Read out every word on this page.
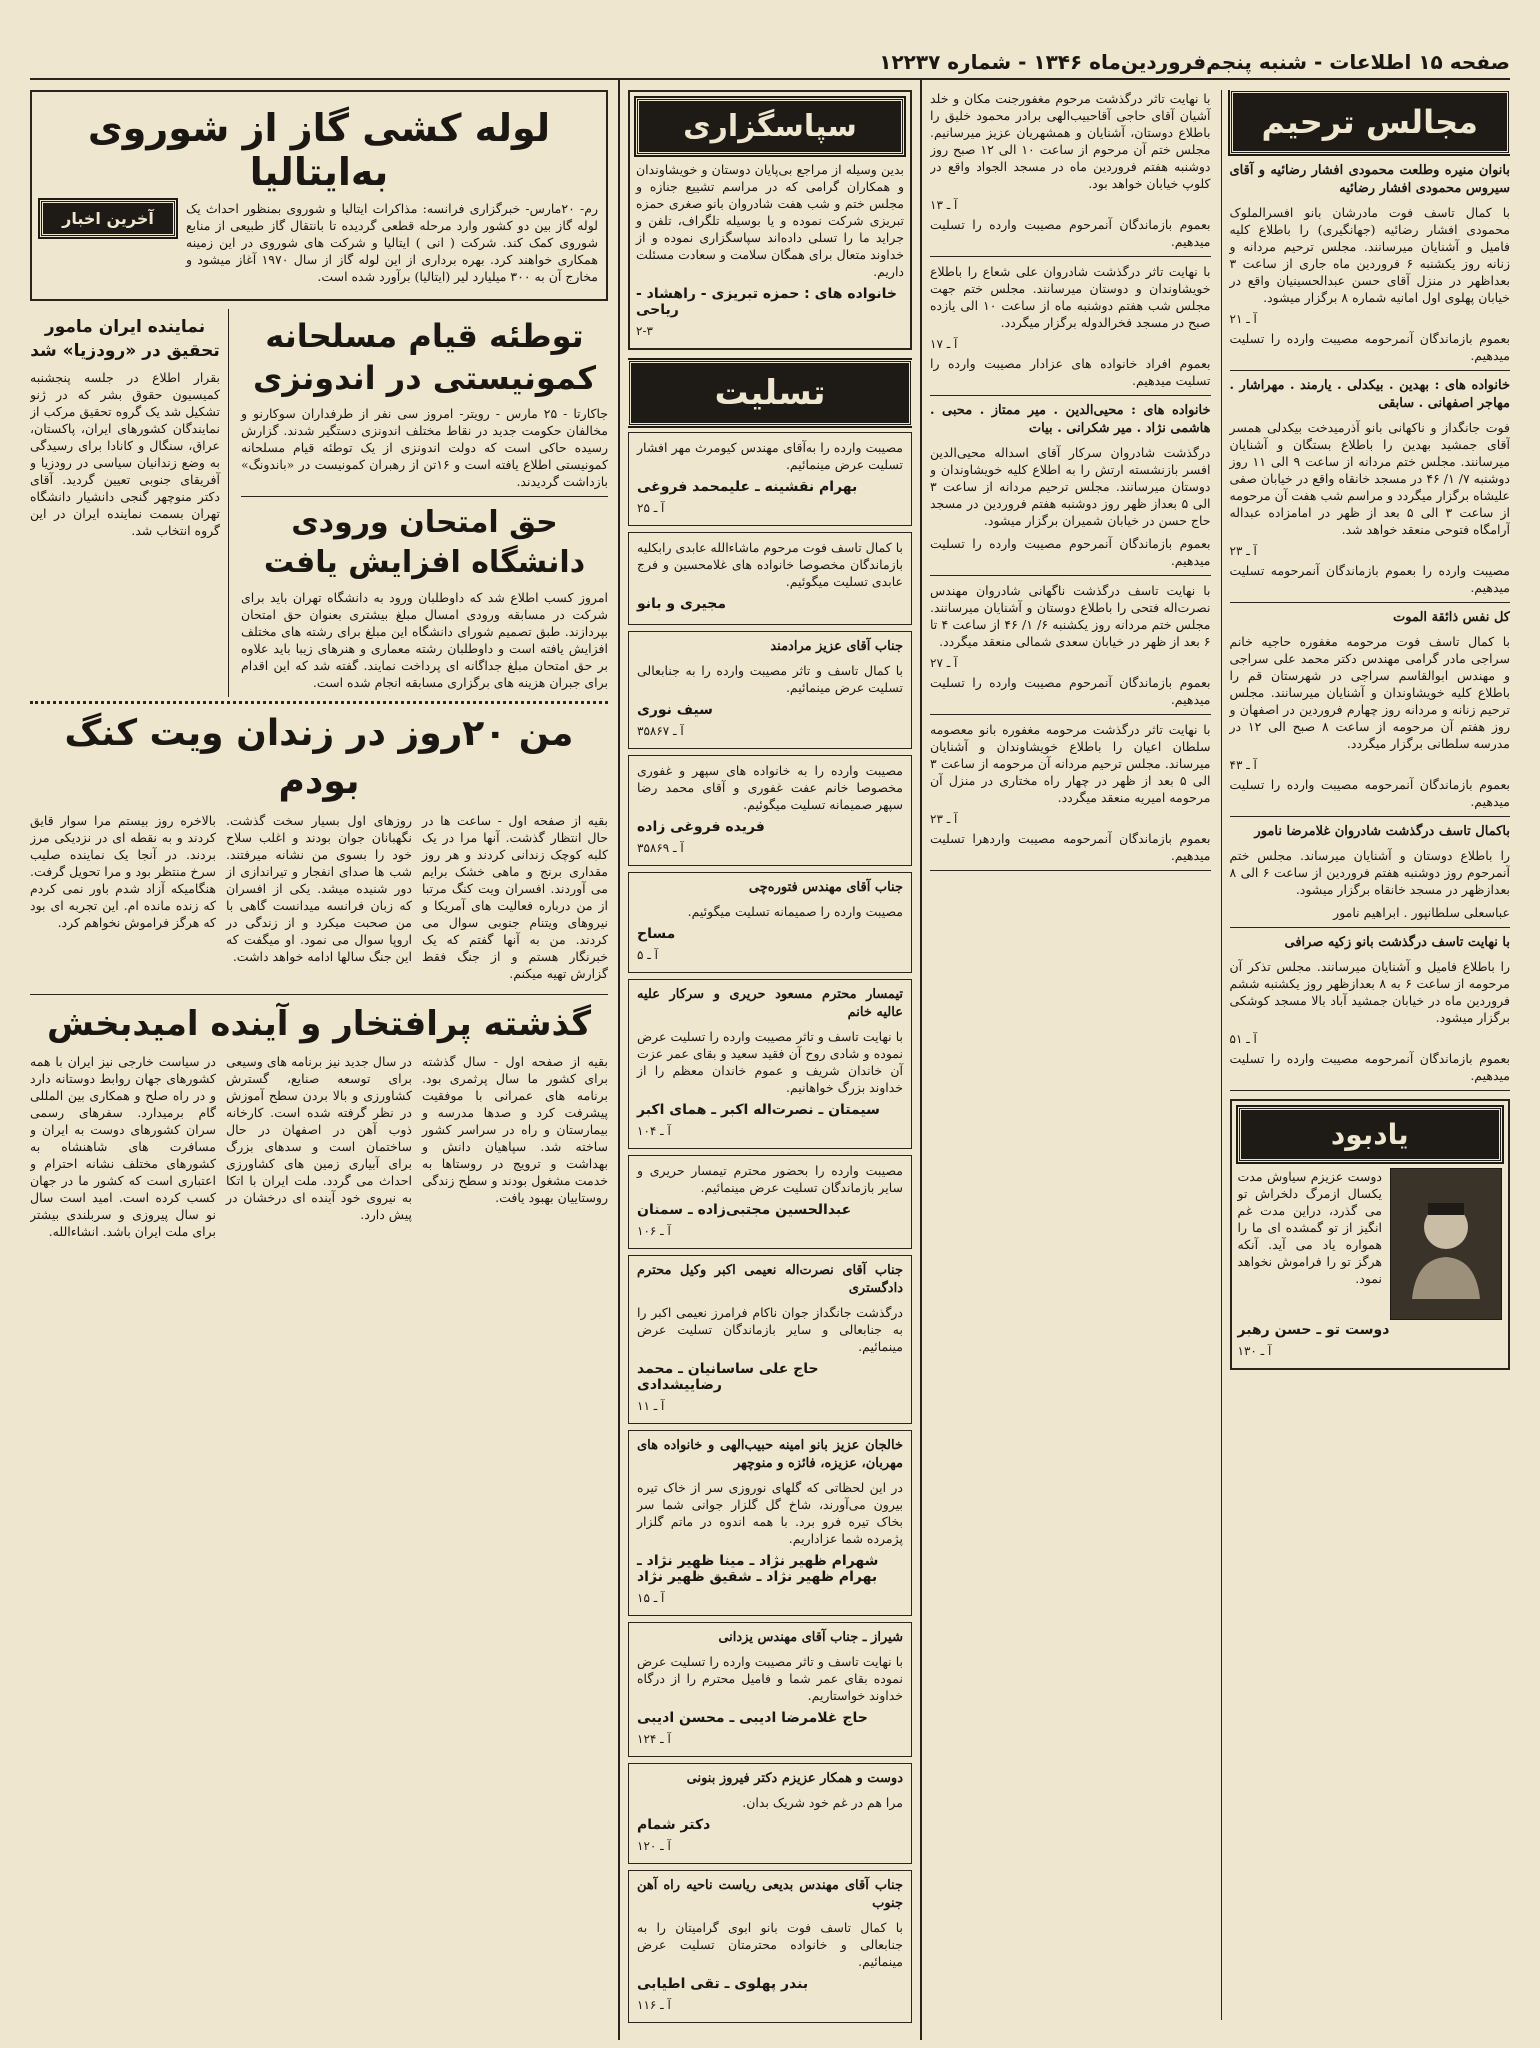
صفحه ۱۵ اطلاعات - شنبه پنجم‌فروردین‌ماه ۱۳۴۶ - شماره ۱۲۲۳۷
لوله کشی گاز از شوروی به‌ایتالیا

رم- ۲۰مارس- خبرگزاری فرانسه: مذاکرات ایتالیا و شوروی بمنظور احداث یک لوله گاز بین دو کشور وارد مرحله قطعی گردیده تا بانتقال گاز طبیعی از منابع شوروی کمک کند. شرکت ( انی ) ایتالیا و شرکت های شوروی در این زمینه همکاری خواهند کرد. بهره برداری از این لوله گاز از سال ۱۹۷۰ آغاز میشود و مخارج آن به ۳۰۰ میلیارد لیر (ایتالیا) برآورد شده است.

آخرین اخبار
توطئه قیام مسلحانه کمونیستی در اندونزی

جاکارتا - ۲۵ مارس - رویتر- امروز سی نفر از طرفداران سوکارنو و مخالفان حکومت جدید در نقاط مختلف اندونزی دستگیر شدند. گزارش رسیده حاکی است که دولت اندونزی از یک توطئه قیام مسلحانه کمونیستی اطلاع یافته است و ۱۶تن از رهبران کمونیست در «باندونگ» بازداشت گردیدند.

حق امتحان ورودی دانشگاه افزایش یافت

امروز کسب اطلاع شد که داوطلبان ورود به دانشگاه تهران باید برای شرکت در مسابقه ورودی امسال مبلغ بیشتری بعنوان حق امتحان بپردازند. طبق تصمیم شورای دانشگاه این مبلغ برای رشته های مختلف افزایش یافته است و داوطلبان رشته معماری و هنرهای زیبا باید علاوه بر حق امتحان مبلغ جداگانه ای پرداخت نمایند. گفته شد که این اقدام برای جبران هزینه های برگزاری مسابقه انجام شده است.

نماینده ایران مامور تحقیق در «رودزیا» شد

بقرار اطلاع در جلسه پنجشنبه کمیسیون حقوق بشر که در ژنو تشکیل شد یک گروه تحقیق مرکب از نمایندگان کشورهای ایران، پاکستان، عراق، سنگال و کانادا برای رسیدگی به وضع زندانیان سیاسی در رودزیا و آفریقای جنوبی تعیین گردید. آقای دکتر منوچهر گنجی دانشیار دانشگاه تهران بسمت نماینده ایران در این گروه انتخاب شد.

من ۲۰روز در زندان ویت کنگ بودم

بقیه از صفحه اول - ساعت ها در حال انتظار گذشت. آنها مرا در یک کلبه کوچک زندانی کردند و هر روز مقداری برنج و ماهی خشک برایم می آوردند. افسران ویت کنگ مرتبا از من درباره فعالیت های آمریکا و نیروهای ویتنام جنوبی سوال می کردند. من به آنها گفتم که یک خبرنگار هستم و از جنگ فقط گزارش تهیه میکنم.

روزهای اول بسیار سخت گذشت. نگهبانان جوان بودند و اغلب سلاح خود را بسوی من نشانه میرفتند. شب ها صدای انفجار و تیراندازی از دور شنیده میشد. یکی از افسران که زبان فرانسه میدانست گاهی با من صحبت میکرد و از زندگی در اروپا سوال می نمود. او میگفت که این جنگ سالها ادامه خواهد داشت.

بالاخره روز بیستم مرا سوار قایق کردند و به نقطه ای در نزدیکی مرز بردند. در آنجا یک نماینده صلیب سرخ منتظر بود و مرا تحویل گرفت. هنگامیکه آزاد شدم باور نمی کردم که زنده مانده ام. این تجربه ای بود که هرگز فراموش نخواهم کرد.

گذشته پرافتخار و آینده امیدبخش

بقیه از صفحه اول - سال گذشته برای کشور ما سال پرثمری بود. برنامه های عمرانی با موفقیت پیشرفت کرد و صدها مدرسه و بیمارستان و راه در سراسر کشور ساخته شد. سپاهیان دانش و بهداشت و ترویج در روستاها به خدمت مشغول بودند و سطح زندگی روستاییان بهبود یافت.

در سال جدید نیز برنامه های وسیعی برای توسعه صنایع، گسترش کشاورزی و بالا بردن سطح آموزش در نظر گرفته شده است. کارخانه ذوب آهن در اصفهان در حال ساختمان است و سدهای بزرگ برای آبیاری زمین های کشاورزی احداث می گردد. ملت ایران با اتکا به نیروی خود آینده ای درخشان در پیش دارد.

در سیاست خارجی نیز ایران با همه کشورهای جهان روابط دوستانه دارد و در راه صلح و همکاری بین المللی گام برمیدارد. سفرهای رسمی سران کشورهای دوست به ایران و مسافرت های شاهنشاه به کشورهای مختلف نشانه احترام و اعتباری است که کشور ما در جهان کسب کرده است. امید است سال نو سال پیروزی و سربلندی بیشتر برای ملت ایران باشد. انشاءالله.

سپاسگزاری

بدین وسیله از مراجع بی‌پایان دوستان و خویشاوندان و همکاران گرامی که در مراسم تشییع جنازه و مجلس ختم و شب هفت شادروان بانو صغری حمزه تبریزی شرکت نموده و یا بوسیله تلگراف، تلفن و جراید ما را تسلی داده‌اند سپاسگزاری نموده و از خداوند متعال برای همگان سلامت و سعادت مسئلت داریم.

خانواده های : حمزه تبریزی - راهشاد - ریاحی
۲-۳
تسلیت

مصیبت وارده را به‌آقای مهندس کیومرث مهر افشار تسلیت عرض مینمائیم.

بهرام نقشینه ـ علیمحمد فروغی
آ ـ ۲۵

با کمال تاسف فوت مرحوم ماشاءالله عابدی رابکلیه بازماندگان مخصوصا خانواده های غلامحسین و فرج عابدی تسلیت میگوئیم.

مجیری و بانو
جناب آقای عزیز مرادمند

با کمال تاسف و تاثر مصیبت وارده را به جنابعالی تسلیت عرض مینمائیم.

سیف نوری
آ ـ ۳۵۸۶۷

مصیبت وارده را به خانواده های سپهر و غفوری مخصوصا خانم عفت غفوری و آقای محمد رضا سپهر صمیمانه تسلیت میگوئیم.

فریده فروغی زاده
آ ـ ۳۵۸۶۹
جناب آقای مهندس فتوره‌چی

مصیبت وارده را صمیمانه تسلیت میگوئیم.

مساح
آ ـ ۵
تیمسار محترم مسعود حریری و سرکار علیه عالیه خانم

با نهایت تاسف و تاثر مصیبت وارده را تسلیت عرض نموده و شادی روح آن فقید سعید و بقای عمر عزت آن خاندان شریف و عموم خاندان معظم را از خداوند بزرگ خواهانیم.

سیمتان ـ نصرت‌اله اکبر ـ همای اکبر
آ ـ ۱۰۴

مصیبت وارده را بحضور محترم تیمسار حریری و سایر بازماندگان تسلیت عرض مینمائیم.

عبدالحسین مجتبی‌زاده ـ سمنان
آ ـ ۱۰۶
جناب آقای نصرت‌اله نعیمی اکبر وکیل محترم دادگستری

درگذشت جانگداز جوان ناکام فرامرز نعیمی اکبر را به جنابعالی و سایر بازماندگان تسلیت عرض مینمائیم.

حاج علی ساسانیان ـ محمد رضاییشدادی
آ ـ ۱۱
خالجان عزیز بانو امینه حبیب‌الهی و خانواده های مهربان، عزیزه، فائزه و منوچهر

در این لحظاتی که گلهای نوروزی سر از خاک تیره بیرون می‌آورند، شاخ گل گلزار جوانی شما سر بخاک تیره فرو برد. با همه اندوه در ماتم گلزار پژمرده شما عزاداریم.

شهرام ظهیر نژاد ـ مینا ظهیر نژاد ـ بهرام ظهیر نژاد ـ شقیق ظهیر نژاد
آ ـ ۱۵
شیراز ـ جناب آقای مهندس یزدانی

با نهایت تاسف و تاثر مصیبت وارده را تسلیت عرض نموده بقای عمر شما و فامیل محترم را از درگاه خداوند خواستاریم.

حاج غلامرضا ادیبی ـ محسن ادیبی
آ ـ ۱۲۴
دوست و همکار عزیزم دکتر فیروز بنونی

مرا هم در غم خود شریک بدان.

دکتر شمام
آ ـ ۱۲۰
جناب آقای مهندس بدیعی ریاست ناحیه راه آهن جنوب

با کمال تاسف فوت بانو ابوی گرامیتان را به جنابعالی و خانواده محترمتان تسلیت عرض مینمائیم.

بندر پهلوی ـ تقی اطیابی
آ ـ ۱۱۶
مجالس ترحیم
بانوان منیره وطلعت محمودی افشار رضائیه و آقای سیروس محمودی افشار رضائیه

با کمال تاسف فوت مادرشان بانو افسرالملوک محمودی افشار رضائیه (جهانگیری) را باطلاع کلیه فامیل و آشنایان میرسانند. مجلس ترحیم مردانه و زنانه روز یکشنبه ۶ فروردین ماه جاری از ساعت ۳ بعداظهر در منزل آقای حسن عبدالحسینیان واقع در خیابان پهلوی اول امانیه شماره ۸ برگزار میشود.

آ ـ ۲۱

بعموم بازماندگان آنمرحومه مصیبت وارده را تسلیت میدهیم.

خانواده های : بهدین . بیکدلی . یارمند . مهراشار . مهاجر اصفهانی . سابقی

فوت جانگداز و ناکهانی بانو آذرمیدخت بیکدلی همسر آقای جمشید بهدین را باطلاع بستگان و آشنایان میرسانند. مجلس ختم مردانه از ساعت ۹ الی ۱۱ روز دوشنبه ۷/ ۱/ ۴۶ در مسجد خانقاه واقع در خیابان صفی علیشاه برگزار میگردد و مراسم شب هفت آن مرحومه از ساعت ۳ الی ۵ بعد از ظهر در امامزاده عبداله آرامگاه فتوحی منعقد خواهد شد.

آ ـ ۲۳

مصیبت وارده را بعموم بازماندگان آنمرحومه تسلیت میدهیم.

کل نفس ذائقة الموت

با کمال تاسف فوت مرحومه مغفوره حاجیه خانم سراجی مادر گرامی مهندس دکتر محمد علی سراجی و مهندس ابوالقاسم سراجی در شهرستان قم را باطلاع کلیه خویشاوندان و آشنایان میرسانند. مجلس ترحیم زنانه و مردانه روز چهارم فروردین در اصفهان و روز هفتم آن مرحومه از ساعت ۸ صبح الی ۱۲ در مدرسه سلطانی برگزار میگردد.

آ ـ ۴۳

بعموم بازماندگان آنمرحومه مصیبت وارده را تسلیت میدهیم.

باکمال تاسف درگذشت شادروان غلامرضا نامور

را باطلاع دوستان و آشنایان میرساند. مجلس ختم آنمرحوم روز دوشنبه هفتم فروردین از ساعت ۶ الی ۸ بعدازظهر در مسجد خانقاه برگزار میشود.

عباسعلی سلطانپور . ابراهیم نامور

با نهایت تاسف درگذشت بانو زکیه صرافی

را باطلاع فامیل و آشنایان میرسانند. مجلس تذکر آن مرحومه از ساعت ۶ به ۸ بعدازظهر روز یکشنبه ششم فروردین ماه در خیابان جمشید آباد بالا مسجد کوشکی برگزار میشود.

آ ـ ۵۱

بعموم بازماندگان آنمرحومه مصیبت وارده را تسلیت میدهیم.

یادبود

دوست عزیزم سیاوش مدت یکسال ازمرگ دلخراش تو می گذرد، دراین مدت غم انگیز از تو گمشده ای ما را همواره یاد می آید. آنکه هرگز تو را فراموش نخواهد نمود.

دوست تو ـ حسن رهبر
آ ـ ۱۳۰

با نهایت تاثر درگذشت مرحوم مغفورجنت مکان و خلد آشیان آقای حاجی آقاحبیب‌الهی برادر محمود خلیق را باطلاع دوستان، آشنایان و همشهریان عزیز میرسانیم. مجلس ختم آن مرحوم از ساعت ۱۰ الی ۱۲ صبح روز دوشنبه هفتم فروردین ماه در مسجد الجواد واقع در کلوپ خیابان خواهد بود.

آ ـ ۱۳

بعموم بازماندگان آنمرحوم مصیبت وارده را تسلیت میدهیم.

با نهایت تاثر درگذشت شادروان علی شعاع را باطلاع خویشاوندان و دوستان میرسانند. مجلس ختم جهت مجلس شب هفتم دوشنبه ماه از ساعت ۱۰ الی یازده صبح در مسجد فخرالدوله برگزار میگردد.

آ ـ ۱۷

بعموم افراد خانواده های عزادار مصیبت وارده را تسلیت میدهیم.

خانواده های : محیی‌الدین . میر ممتاز . محبی . هاشمی نژاد . میر شکرانی . بیات

درگذشت شادروان سرکار آقای اسداله محیی‌الدین افسر بازنشسته ارتش را به اطلاع کلیه خویشاوندان و دوستان میرسانند. مجلس ترحیم مردانه از ساعت ۳ الی ۵ بعداز ظهر روز دوشنبه هفتم فروردین در مسجد حاج حسن در خیابان شمیران برگزار میشود.

بعموم بازماندگان آنمرحوم مصیبت وارده را تسلیت میدهیم.

با نهایت تاسف درگذشت ناگهانی شادروان مهندس نصرت‌اله فتحی را باطلاع دوستان و آشنایان میرسانند. مجلس ختم مردانه روز یکشنبه ۶/ ۱/ ۴۶ از ساعت ۴ تا ۶ بعد از ظهر در خیابان سعدی شمالی منعقد میگردد.

آ ـ ۲۷

بعموم بازماندگان آنمرحوم مصیبت وارده را تسلیت میدهیم.

با نهایت تاثر درگذشت مرحومه مغفوره بانو معصومه سلطان اعیان را باطلاع خویشاوندان و آشنایان میرساند. مجلس ترحیم مردانه آن مرحومه از ساعت ۳ الی ۵ بعد از ظهر در چهار راه مختاری در منزل آن مرحومه امیریه منعقد میگردد.

آ ـ ۲۳

بعموم بازماندگان آنمرحومه مصیبت واردهرا تسلیت میدهیم.
